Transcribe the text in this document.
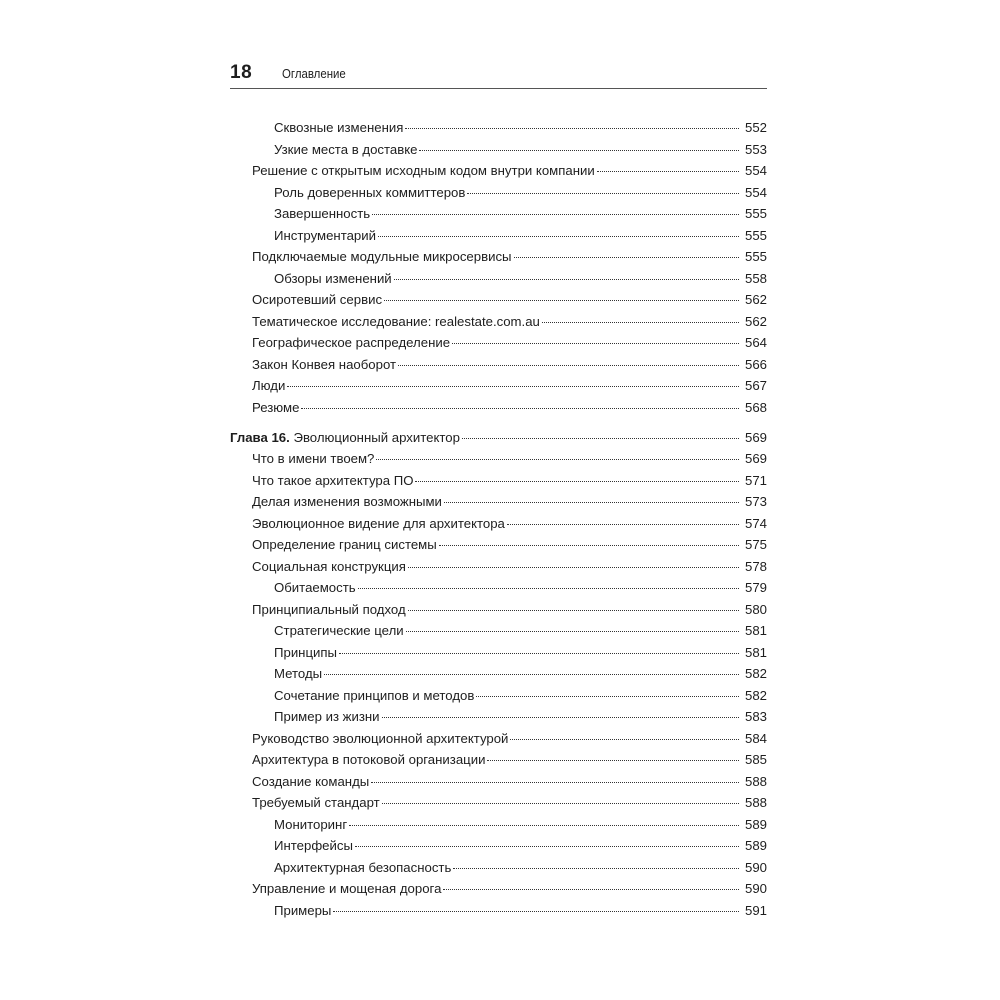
18 Оглавление
Сквозные изменения	552
Узкие места в доставке	553
Решение с открытым исходным кодом внутри компании	554
Роль доверенных коммиттеров	554
Завершенность	555
Инструментарий	555
Подключаемые модульные микросервисы	555
Обзоры изменений	558
Осиротевший сервис	562
Тематическое исследование: realestate.com.au	562
Географическое распределение	564
Закон Конвея наоборот	566
Люди	567
Резюме	568
Глава 16. Эволюционный архитектор	569
Что в имени твоем?	569
Что такое архитектура ПО	571
Делая изменения возможными	573
Эволюционное видение для архитектора	574
Определение границ системы	575
Социальная конструкция	578
Обитаемость	579
Принципиальный подход	580
Стратегические цели	581
Принципы	581
Методы	582
Сочетание принципов и методов	582
Пример из жизни	583
Руководство эволюционной архитектурой	584
Архитектура в потоковой организации	585
Создание команды	588
Требуемый стандарт	588
Мониторинг	589
Интерфейсы	589
Архитектурная безопасность	590
Управление и мощеная дорога	590
Примеры	591
